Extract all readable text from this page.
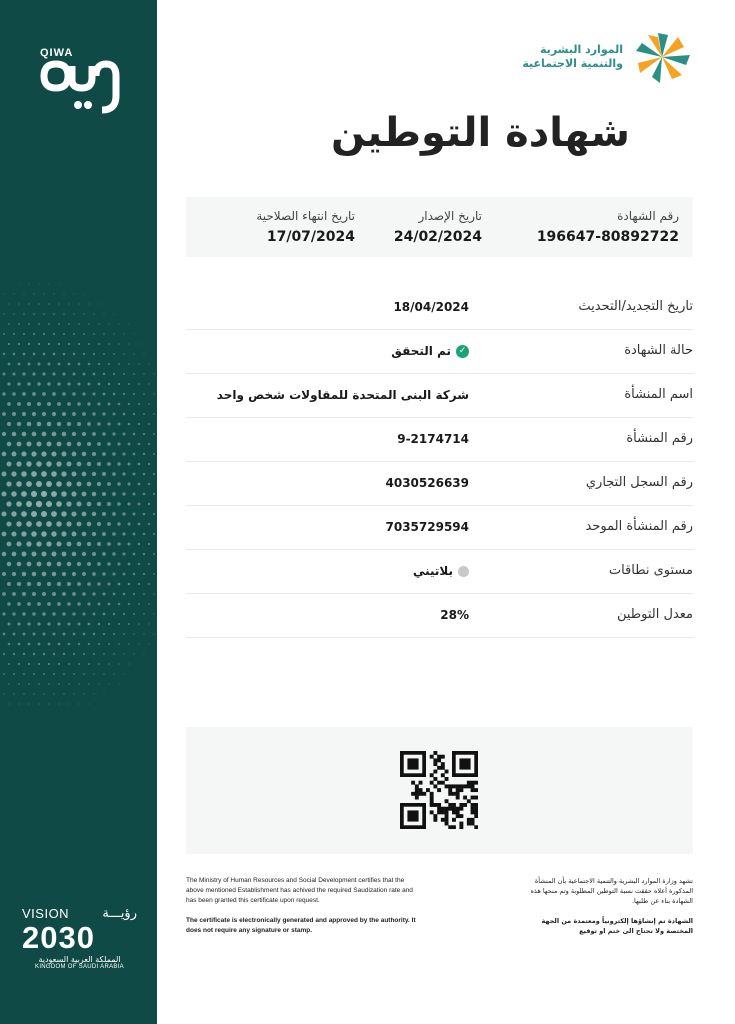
QIWA
VISION	رؤيـــة
2030
المملكة العربية السعودية
KINGDOM OF SAUDI ARABIA
الموارد البشرية
والتنمية الاجتماعية
شهادة التوطين
رقم الشهادة
196647-80892722
تاريخ الإصدار
24/02/2024
تاريخ انتهاء الصلاحية
17/07/2024
تاريخ التجديد/التحديث
18/04/2024
حالة الشهادة
✓
تم التحقق
اسم المنشأة
شركة البنى المتحدة للمقاولات شخص واحد
رقم المنشأة
9-2174714
رقم السجل التجاري
4030526639
رقم المنشأة الموحد
7035729594
مستوى نطاقات
بلاتيني
معدل التوطين
28%
The Ministry of Human Resources and Social Development certifies that the above mentioned Establishment has achived the required Saudization rate and has been granted this certificate upon request.
The certificate is electronically generated and approved by the authority. It does not require any signature or stamp.
تشهد وزارة الموارد البشرية والتنمية الاجتماعية بأن المنشأة المذكورة أعلاه حققت نسبة التوطين المطلوبة وتم منحها هذه الشهادة بناء عن طلبها.
الشهادة تم إنشاؤها إلكترونياً ومعتمدة من الجهة المختصة ولا تحتاج الى ختم او توقيع
